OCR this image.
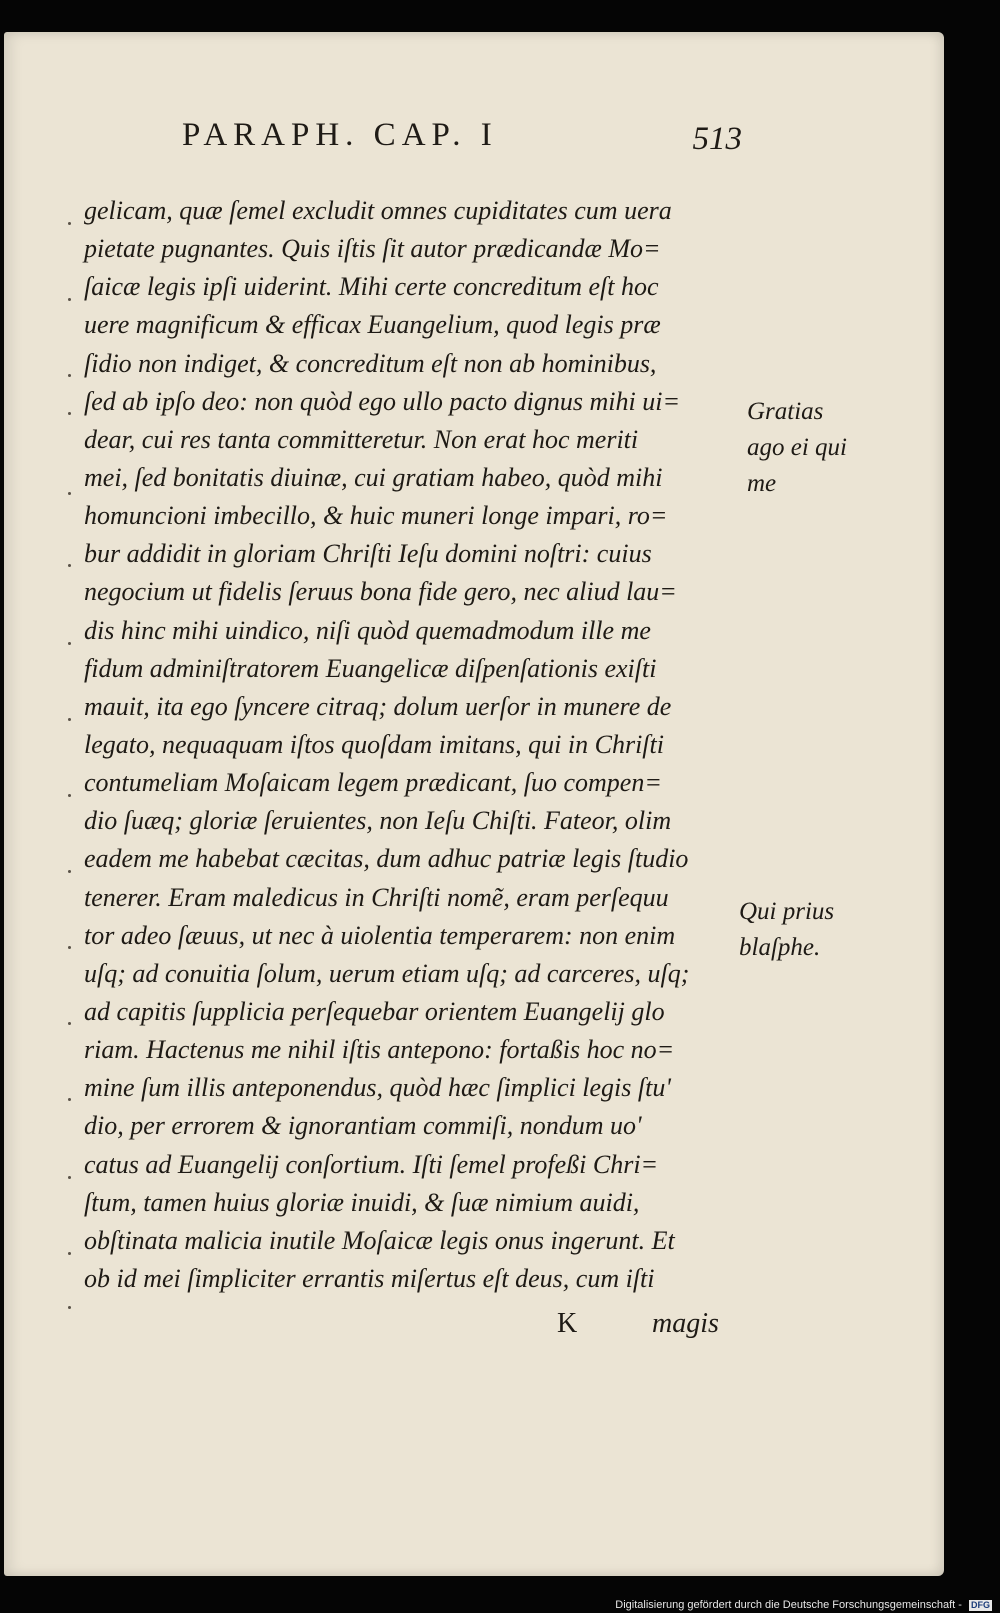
PARAPH. CAP. I	513
gelicam, quæ ſemel excludit omnes cupiditates cum uera
pietate pugnantes. Quis iſtis ſit autor prædicandæ Mo=
ſaicæ legis ipſi uiderint. Mihi certe concreditum eſt hoc
uere magnificum & efficax Euangelium, quod legis præ
ſidio non indiget, & concreditum eſt non ab hominibus,
ſed ab ipſo deo: non quòd ego ullo pacto dignus mihi ui=
dear, cui res tanta committeretur. Non erat hoc meriti
mei, ſed bonitatis diuinæ, cui gratiam habeo, quòd mihi
homuncioni imbecillo, & huic muneri longe impari, ro=
bur addidit in gloriam Chriſti Ieſu domini noſtri: cuius
negocium ut fidelis ſeruus bona fide gero, nec aliud lau=
dis hinc mihi uindico, niſi quòd quemadmodum ille me
fidum adminiſtratorem Euangelicæ diſpenſationis exiſti
mauit, ita ego ſyncere citraq; dolum uerſor in munere de
legato, nequaquam iſtos quoſdam imitans, qui in Chriſti
contumeliam Moſaicam legem prædicant, ſuo compen=
dio ſuæq; gloriæ ſeruientes, non Ieſu Chiſti. Fateor, olim
eadem me habebat cæcitas, dum adhuc patriæ legis ſtudio
tenerer. Eram maledicus in Chriſti nomẽ, eram perſequu
tor adeo ſæuus, ut nec à uiolentia temperarem: non enim
uſq; ad conuitia ſolum, uerum etiam uſq; ad carceres, uſq;
ad capitis ſupplicia perſequebar orientem Euangelij glo
riam. Hactenus me nihil iſtis antepono: fortaßis hoc no=
mine ſum illis anteponendus, quòd hæc ſimplici legis ſtu'
dio, per errorem & ignorantiam commiſi, nondum uo'
catus ad Euangelij conſortium. Iſti ſemel profeßi Chri=
ſtum, tamen huius gloriæ inuidi, & ſuæ nimium auidi,
obſtinata malicia inutile Moſaicæ legis onus ingerunt. Et
ob id mei ſimpliciter errantis miſertus eſt deus, cum iſti
Gratias
ago ei qui
me
Qui prius
blaſphe.
K	magis
Digitalisierung gefördert durch die Deutsche Forschungsgemeinschaft - DFG
